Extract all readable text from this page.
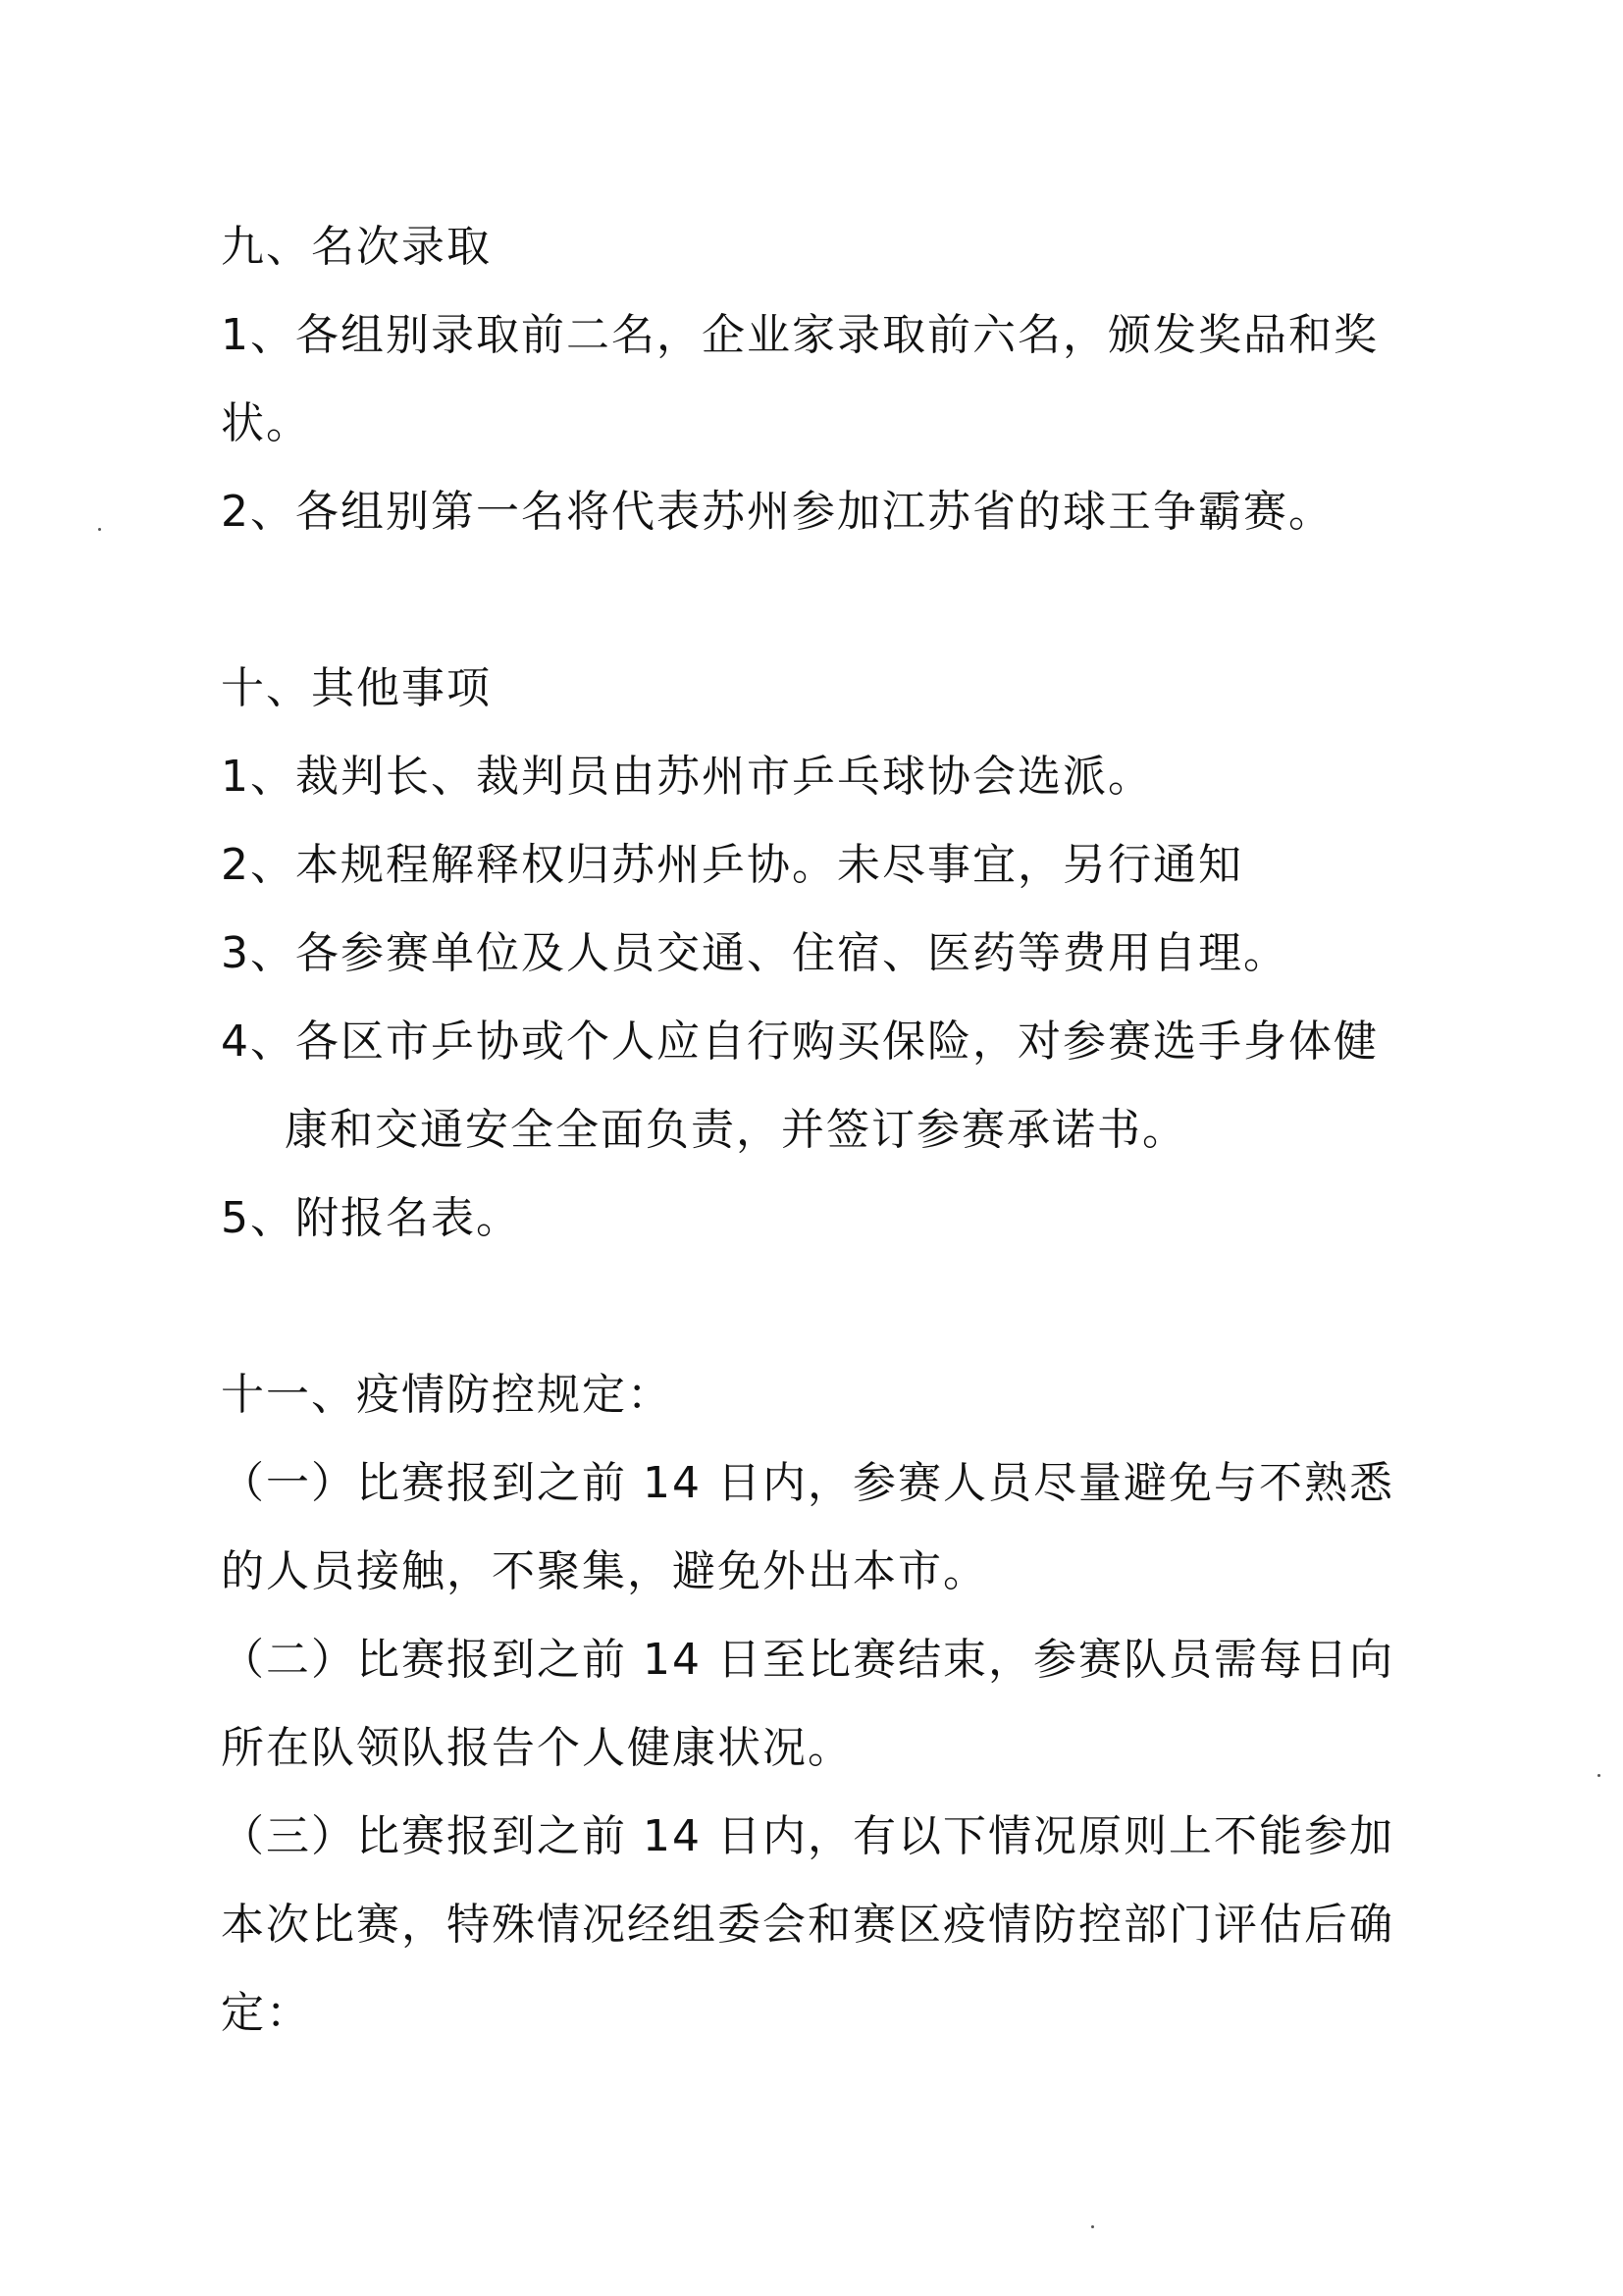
九、名次录取
1、各组别录取前二名，企业家录取前六名，颁发奖品和奖
状。
2、各组别第一名将代表苏州参加江苏省的球王争霸赛。
十、其他事项
1、裁判长、裁判员由苏州市乒乓球协会选派。
2、本规程解释权归苏州乒协。未尽事宜，另行通知
3、各参赛单位及人员交通、住宿、医药等费用自理。
4、各区市乒协或个人应自行购买保险，对参赛选手身体健
康和交通安全全面负责，并签订参赛承诺书。
5、附报名表。
十一、疫情防控规定：
（一）比赛报到之前 14 日内，参赛人员尽量避免与不熟悉
的人员接触，不聚集，避免外出本市。
（二）比赛报到之前 14 日至比赛结束，参赛队员需每日向
所在队领队报告个人健康状况。
（三）比赛报到之前 14 日内，有以下情况原则上不能参加
本次比赛，特殊情况经组委会和赛区疫情防控部门评估后确
定：
